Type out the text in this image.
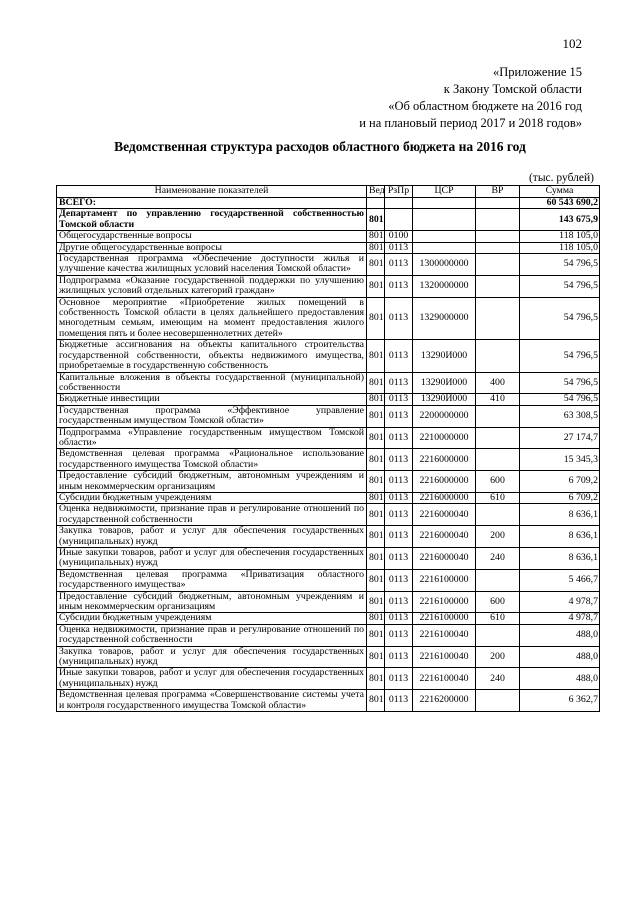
102
«Приложение 15
к Закону Томской области
«Об областном бюджете на 2016 год
и на плановый период 2017 и 2018 годов»
Ведомственная структура расходов областного бюджета на 2016 год
(тыс. рублей)
Наименование показателей	Вед	РзПр	ЦСР	ВР	Сумма
ВСЕГО:					60 543 690,2
Департамент по управлению государственной собственностью Томской области	801				143 675,9
Общегосударственные вопросы	801	0100			118 105,0
Другие общегосударственные вопросы	801	0113			118 105,0
Государственная программа «Обеспечение доступности жилья и улучшение качества жилищных условий населения Томской области»	801	0113	1300000000		54 796,5
Подпрограмма «Оказание государственной поддержки по улучшению жилищных условий отдельных категорий граждан»	801	0113	1320000000		54 796,5
Основное мероприятие «Приобретение жилых помещений в собственность Томской области в целях дальнейшего предоставления многодетным семьям, имеющим на момент предоставления жилого помещения пять и более несовершеннолетних детей»	801	0113	1329000000		54 796,5
Бюджетные ассигнования на объекты капитального строительства государственной собственности, объекты недвижимого имущества, приобретаемые в государственную собственность	801	0113	13290И000		54 796,5
Капитальные вложения в объекты государственной (муниципальной) собственности	801	0113	13290И000	400	54 796,5
Бюджетные инвестиции	801	0113	13290И000	410	54 796,5
Государственная программа «Эффективное управление государственным имуществом Томской области»	801	0113	2200000000		63 308,5
Подпрограмма «Управление государственным имуществом Томской области»	801	0113	2210000000		27 174,7
Ведомственная целевая программа «Рациональное использование государственного имущества Томской области»	801	0113	2216000000		15 345,3
Предоставление субсидий бюджетным, автономным учреждениям и иным некоммерческим организациям	801	0113	2216000000	600	6 709,2
Субсидии бюджетным учреждениям	801	0113	2216000000	610	6 709,2
Оценка недвижимости, признание прав и регулирование отношений по государственной собственности	801	0113	2216000040		8 636,1
Закупка товаров, работ и услуг для обеспечения государственных (муниципальных) нужд	801	0113	2216000040	200	8 636,1
Иные закупки товаров, работ и услуг для обеспечения государственных (муниципальных) нужд	801	0113	2216000040	240	8 636,1
Ведомственная целевая программа «Приватизация областного государственного имущества»	801	0113	2216100000		5 466,7
Предоставление субсидий бюджетным, автономным учреждениям и иным некоммерческим организациям	801	0113	2216100000	600	4 978,7
Субсидии бюджетным учреждениям	801	0113	2216100000	610	4 978,7
Оценка недвижимости, признание прав и регулирование отношений по государственной собственности	801	0113	2216100040		488,0
Закупка товаров, работ и услуг для обеспечения государственных (муниципальных) нужд	801	0113	2216100040	200	488,0
Иные закупки товаров, работ и услуг для обеспечения государственных (муниципальных) нужд	801	0113	2216100040	240	488,0
Ведомственная целевая программа «Совершенствование системы учета и контроля государственного имущества Томской области»	801	0113	2216200000		6 362,7
